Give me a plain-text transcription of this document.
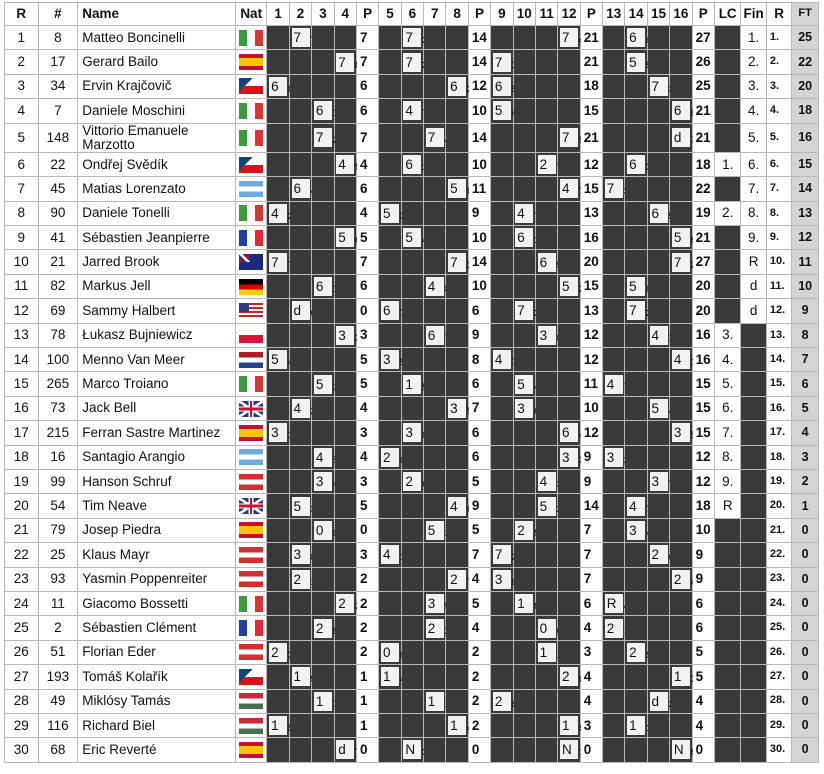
R	#	Name	Nat	1	2	3	4	P	5	6	7	8	P	9	10	11	12	P	13	14	15	16	P	LC	Fin	R	FT
1	8	Matteo Boncinelli			7			7		7			14				7	21		6			27		1.	1.	25
2	17	Gerard Bailo					7	7		7			14	7				21		5			26		2.	2.	22
3	34	Ervin Krajčovič		6				6				6	12	6				18			7		25		3.	3.	20
4	7	Daniele Moschini				6		6		4			10	5				15				6	21		4.	4.	18
5	148	Vittorio Emanuele Marzotto				7		7			7		14				7	21				d	21		5.	5.	16
6	22	Ondřej Svědík					4	4		6			10			2		12		6			18	1.	6.	6.	15
7	45	Matias Lorenzato			6			6				5	11				4	15	7				22		7.	7.	14
8	90	Daniele Tonelli		4				4	5				9		4			13			6		19	2.	8.	8.	13
9	41	Sébastien Jeanpierre					5	5		5			10		6			16				5	21		9.	9.	12
10	21	Jarred Brook		7				7				7	14			6		20				7	27		R	10.	11
11	82	Markus Jell				6		6			4		10				5	15		5			20		d	11.	10
12	69	Sammy Halbert			d			0	6				6		7			13		7			20		d	12.	9
13	78	Łukasz Bujniewicz					3	3			6		9			3		12			4		16	3.		13.	8
14	100	Menno Van Meer		5				5	3				8	4				12				4	16	4.		14.	7
15	265	Marco Troiano				5		5		1			6		5			11	4				15	5.		15.	6
16	73	Jack Bell			4			4				3	7		3			10			5		15	6.		16.	5
17	215	Ferran Sastre Martinez		3				3		3			6				6	12				3	15	7.		17.	4
18	16	Santagio Arangio				4		4	2				6				3	9	3				12	8.		18.	3
19	99	Hanson Schruf				3		3		2			5			4		9			3		12	9.		19.	2
20	54	Tim Neave			5			5				4	9			5		14		4			18	R		20.	1
21	79	Josep Piedra				0		0			5		5		2			7		3			10			21.	0
22	25	Klaus Mayr			3			3	4				7	7				7			2		9			22.	0
23	93	Yasmin Poppenreiter			2			2				2	4	3				7				2	9			23.	0
24	11	Giacomo Bossetti					2	2			3		5		1			6	R				6			24.	0
25	2	Sébastien Clément				2		2			2		4			0		4	2				6			25.	0
26	51	Florian Eder		2				2	0				2			1		3		2			5			26.	0
27	193	Tomáš Kolařík			1			1	1				2				2	4				1	5			27.	0
28	49	Miklósy Tamás				1		1			1		2	2				4			d		4			28.	0
29	116	Richard Biel		1				1				1	2				1	3		1			4			29.	0
30	68	Eric Reverté					d	0		N			0				N	0				N	0			30.	0
